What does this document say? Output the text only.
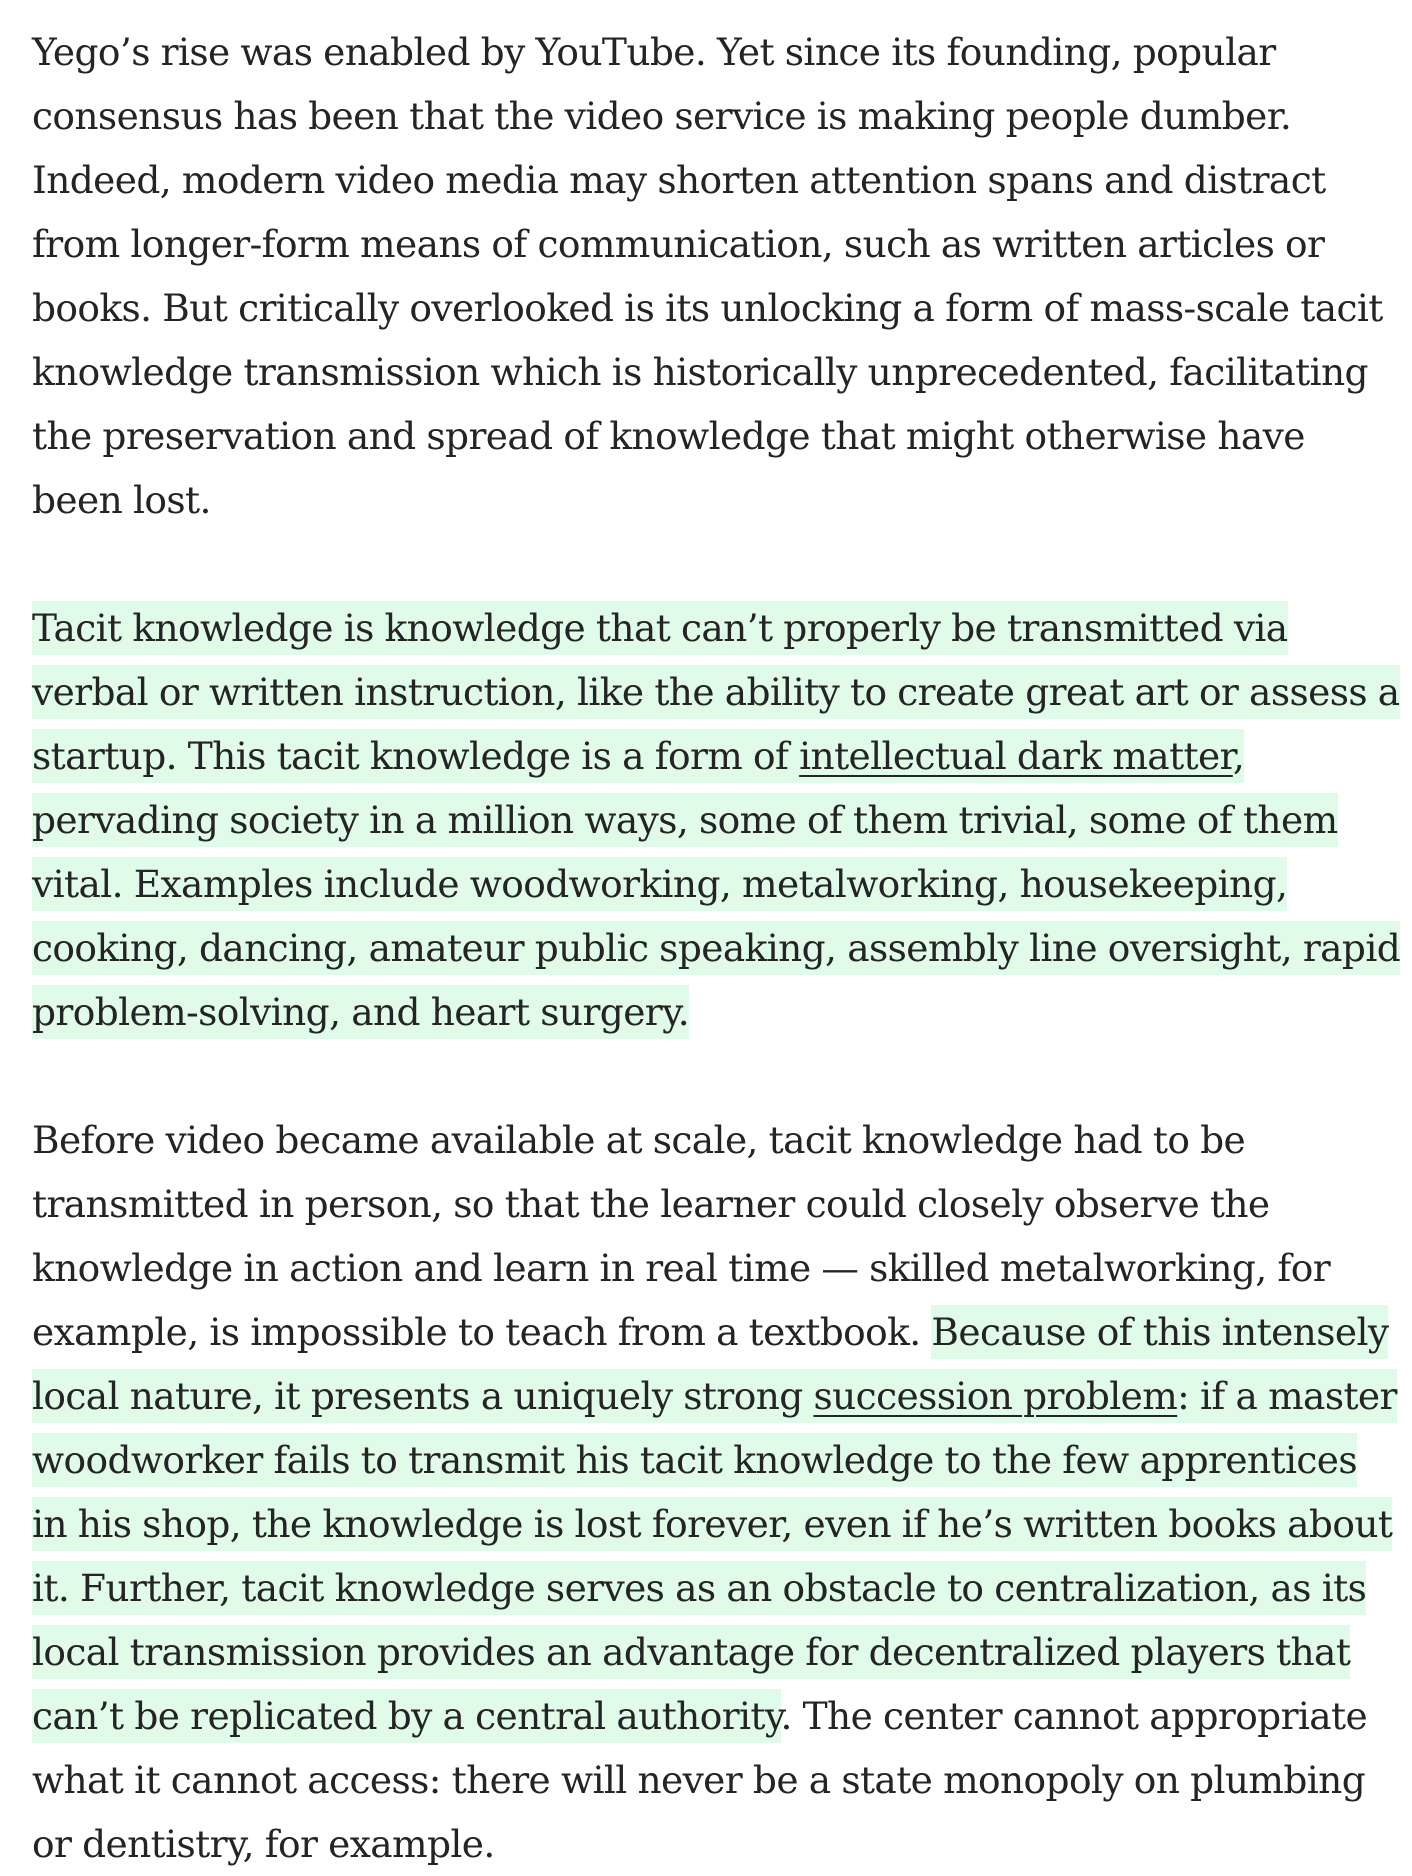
Yego’s rise was enabled by YouTube. Yet since its founding, popular consensus has been that the video service is making people dumber. Indeed, modern video media may shorten attention spans and distract from longer-form means of communication, such as written articles or books. But critically overlooked is its unlocking a form of mass-scale tacit knowledge transmission which is historically unprecedented, facilitating the preservation and spread of knowledge that might otherwise have been lost.

Tacit knowledge is knowledge that can’t properly be transmitted via verbal or written instruction, like the ability to create great art or assess a startup. This tacit knowledge is a form of intellectual dark matter, pervading society in a million ways, some of them trivial, some of them vital. Examples include woodworking, metalworking, housekeeping, cooking, dancing, amateur public speaking, assembly line oversight, rapid problem-solving, and heart surgery.

Before video became available at scale, tacit knowledge had to be transmitted in person, so that the learner could closely observe the knowledge in action and learn in real time — skilled metalworking, for example, is impossible to teach from a textbook. Because of this intensely local nature, it presents a uniquely strong succession problem: if a master woodworker fails to transmit his tacit knowledge to the few apprentices in his shop, the knowledge is lost forever, even if he’s written books about it. Further, tacit knowledge serves as an obstacle to centralization, as its local transmission provides an advantage for decentralized players that can’t be replicated by a central authority. The center cannot appropriate what it cannot access: there will never be a state monopoly on plumbing or dentistry, for example.
